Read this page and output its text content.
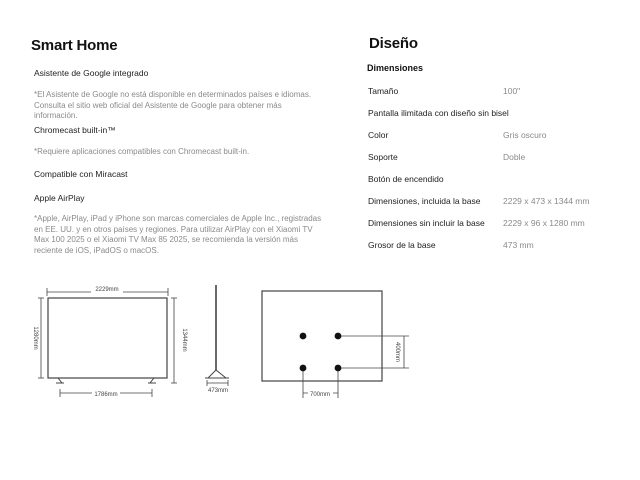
Smart Home
Asistente de Google integrado
*El Asistente de Google no está disponible en determinados países e idiomas. Consulta el sitio web oficial del Asistente de Google para obtener más información.
Chromecast built-in™
*Requiere aplicaciones compatibles con Chromecast built-in.
Compatible con Miracast
Apple AirPlay
*Apple, AirPlay, iPad y iPhone son marcas comerciales de Apple Inc., registradas en EE. UU. y en otros países y regiones. Para utilizar AirPlay con el Xiaomi TV Max 100 2025 o el Xiaomi TV Max 85 2025, se recomienda la versión más reciente de iOS, iPadOS o macOS.
Diseño
Dimensiones
Tamaño	100"
Pantalla ilimitada con diseño sin bisel
Color	Gris oscuro
Soporte	Doble
Botón de encendido
Dimensiones, incluida la base	2229 x 473 x 1344 mm
Dimensiones sin incluir la base 2229 x 96 x 1280 mm
Grosor de la base	473 mm
2229mm
1280mm	1344mm
1786mm
473mm
700mm
400mm
